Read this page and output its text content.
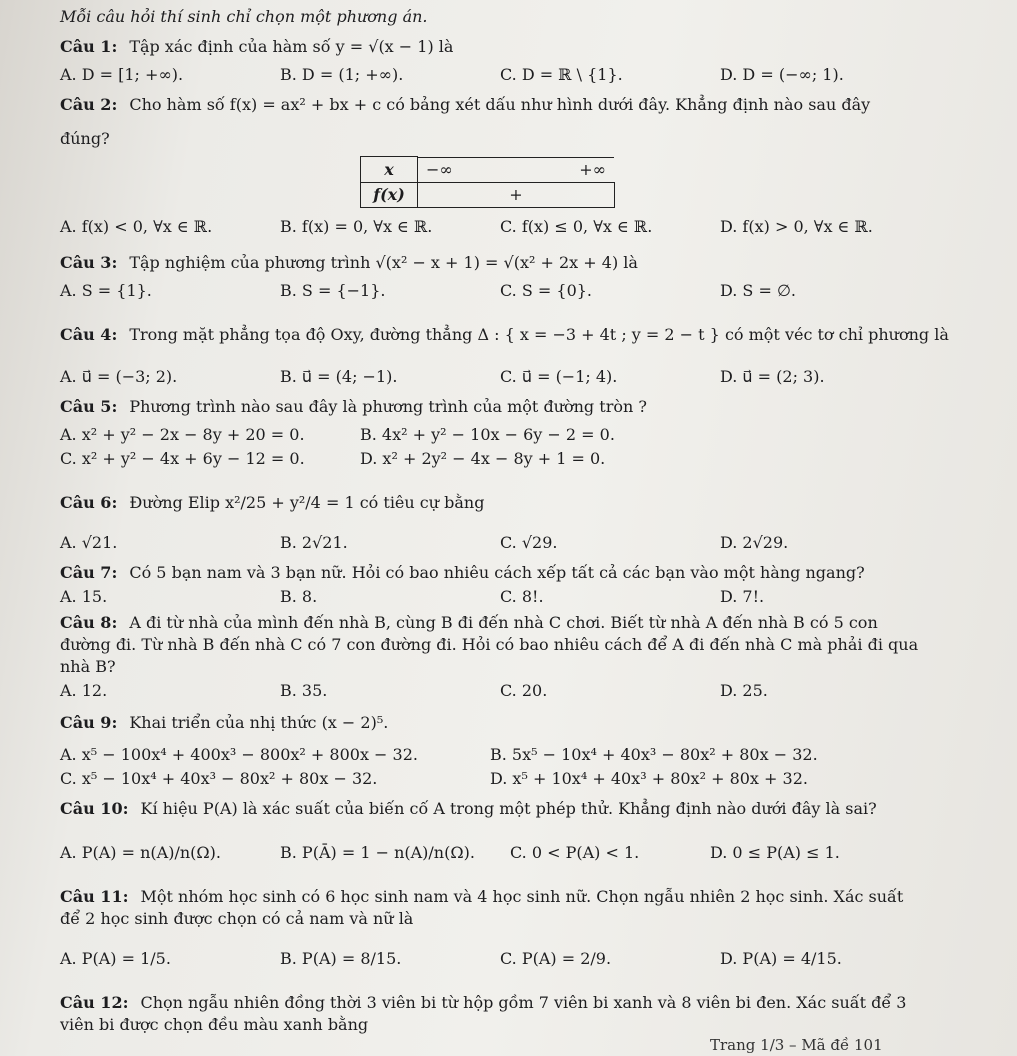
Mỗi câu hỏi thí sinh chỉ chọn một phương án.
Câu 1: Tập xác định của hàm số y = √(x − 1) là
A. D = [1; +∞).	B. D = (1; +∞).	C. D = ℝ \ {1}.	D. D = (−∞; 1).
Câu 2: Cho hàm số f(x) = ax² + bx + c có bảng xét dấu như hình dưới đây. Khẳng định nào sau đây
đúng?
x	−∞	+∞

f(x)	+
A. f(x) < 0, ∀x ∈ ℝ.	B. f(x) = 0, ∀x ∈ ℝ.	C. f(x) ≤ 0, ∀x ∈ ℝ.	D. f(x) > 0, ∀x ∈ ℝ.
Câu 3: Tập nghiệm của phương trình √(x² − x + 1) = √(x² + 2x + 4) là
A. S = {1}.	B. S = {−1}.	C. S = {0}.	D. S = ∅.
Câu 4: Trong mặt phẳng tọa độ Oxy, đường thẳng Δ : { x = −3 + 4t ; y = 2 − t } có một véc tơ chỉ phương là
A. u⃗ = (−3; 2).	B. u⃗ = (4; −1).	C. u⃗ = (−1; 4).	D. u⃗ = (2; 3).
Câu 5: Phương trình nào sau đây là phương trình của một đường tròn ?
A. x² + y² − 2x − 8y + 20 = 0.	B. 4x² + y² − 10x − 6y − 2 = 0.
C. x² + y² − 4x + 6y − 12 = 0.	D. x² + 2y² − 4x − 8y + 1 = 0.
Câu 6: Đường Elip x²/25 + y²/4 = 1 có tiêu cự bằng
A. √21.	B. 2√21.	C. √29.	D. 2√29.
Câu 7: Có 5 bạn nam và 3 bạn nữ. Hỏi có bao nhiêu cách xếp tất cả các bạn vào một hàng ngang?
A. 15.	B. 8.	C. 8!.	D. 7!.
Câu 8: A đi từ nhà của mình đến nhà B, cùng B đi đến nhà C chơi. Biết từ nhà A đến nhà B có 5 con
đường đi. Từ nhà B đến nhà C có 7 con đường đi. Hỏi có bao nhiêu cách để A đi đến nhà C mà phải đi qua
nhà B?
A. 12.	B. 35.	C. 20.	D. 25.
Câu 9: Khai triển của nhị thức (x − 2)⁵.
A. x⁵ − 100x⁴ + 400x³ − 800x² + 800x − 32.	B. 5x⁵ − 10x⁴ + 40x³ − 80x² + 80x − 32.
C. x⁵ − 10x⁴ + 40x³ − 80x² + 80x − 32.	D. x⁵ + 10x⁴ + 40x³ + 80x² + 80x + 32.
Câu 10: Kí hiệu P(A) là xác suất của biến cố A trong một phép thử. Khẳng định nào dưới đây là sai?
A. P(A) = n(A)/n(Ω).	B. P(Ā) = 1 − n(A)/n(Ω).	C. 0 < P(A) < 1.	D. 0 ≤ P(A) ≤ 1.
Câu 11: Một nhóm học sinh có 6 học sinh nam và 4 học sinh nữ. Chọn ngẫu nhiên 2 học sinh. Xác suất
để 2 học sinh được chọn có cả nam và nữ là
A. P(A) = 1/5.	B. P(A) = 8/15.	C. P(A) = 2/9.	D. P(A) = 4/15.
Câu 12: Chọn ngẫu nhiên đồng thời 3 viên bi từ hộp gồm 7 viên bi xanh và 8 viên bi đen. Xác suất để 3
viên bi được chọn đều màu xanh bằng
Trang 1/3 – Mã đề 101
